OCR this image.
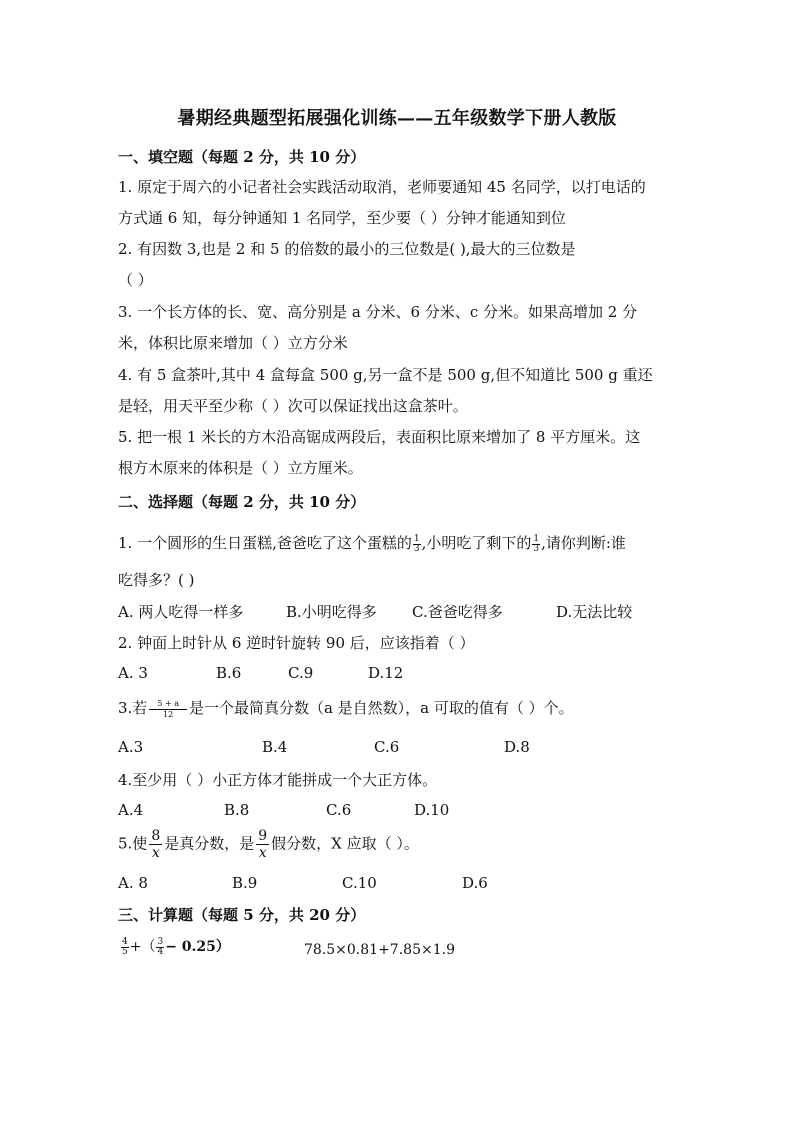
暑期经典题型拓展强化训练——五年级数学下册人教版
一、填空题（每题 2 分，共 10 分）
1. 原定于周六的小记者社会实践活动取消，老师要通知 45 名同学，以打电话的
方式通 6 知，每分钟通知 1 名同学，至少要（ ）分钟才能通知到位
2. 有因数 3,也是 2 和 5 的倍数的最小的三位数是( ),最大的三位数是
（ ）
3. 一个长方体的长、宽、高分别是 a 分米、6 分米、c 分米。如果高增加 2 分
米，体积比原来增加（ ）立方分米
4. 有 5 盒茶叶,其中 4 盒每盒 500 g,另一盒不是 500 g,但不知道比 500 g 重还
是轻，用天平至少称（ ）次可以保证找出这盒茶叶。
5. 把一根 1 米长的方木沿高锯成两段后，表面积比原来增加了 8 平方厘米。这
根方木原来的体积是（ ）立方厘米。
二、选择题（每题 2 分，共 10 分）
1. 一个圆形的生日蛋糕,爸爸吃了这个蛋糕的 $\frac{1}{3}$ ,小明吃了剩下的 $\frac{1}{3}$ ,请你判断:谁
吃得多？( )
A. 两人吃得一样多	B.小明吃得多 C.爸爸吃得多	D.无法比较
2. 钟面上时针从 6 逆时针旋转 90 后，应该指着（ ）
A. 3	B.6	C.9	D.12
3.若 $\frac{5 + a}{12}$ 是一个最简真分数（a 是自然数），a 可取的值有（ ）个。
A.3	B.4	C.6	D.8
4.至少用（ ）小正方体才能拼成一个大正方体。
A.4	B.8	C.6	D.10
5.使 $\frac{8}{x}$ 是真分数，是 $\frac{9}{x}$ 假分数，X 应取（ ）。
A. 8	B.9	C.10	D.6
三、计算题（每题 5 分，共 20 分）
$\frac{4}{5}$ +（ $\frac{3}{4} - 0.25$）	78.5×0.81+7.85×1.9
